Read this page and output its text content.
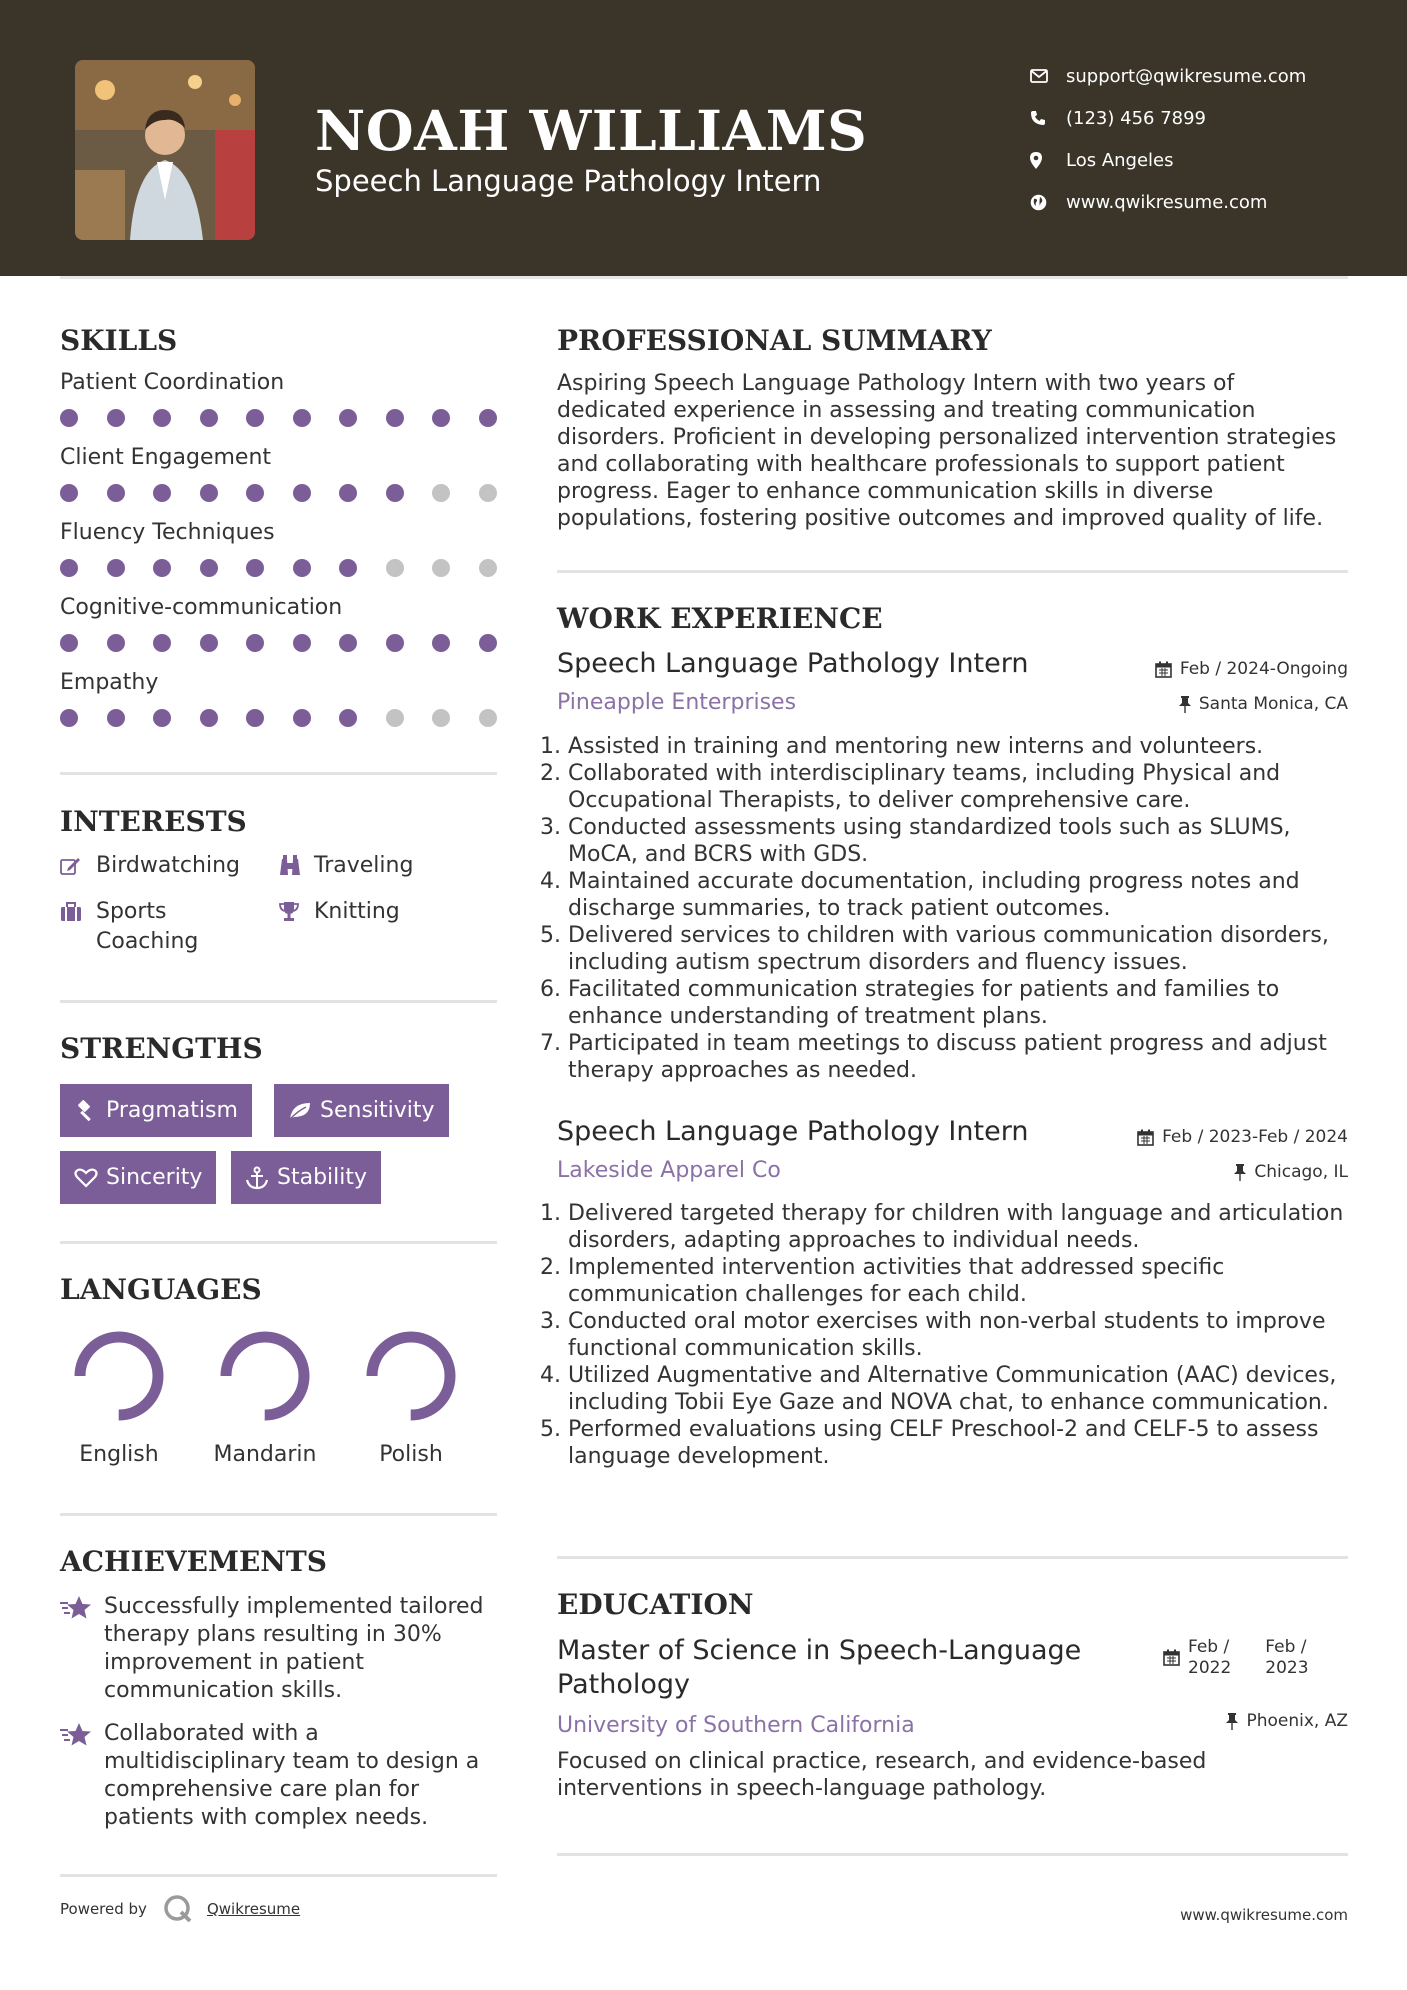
NOAH WILLIAMS
Speech Language Pathology Intern
support@qwikresume.com
(123) 456 7899
Los Angeles
www.qwikresume.com
SKILLS
Patient Coordination
Client Engagement
Fluency Techniques
Cognitive-communication
Empathy
INTERESTS
Birdwatching	Traveling
Sports Coaching
Knitting
STRENGTHS
Pragmatism	Sensitivity
Sincerity	Stability
LANGUAGES
English	Mandarin	Polish
ACHIEVEMENTS
Successfully implemented tailored therapy plans resulting in 30% improvement in patient communication skills.
Collaborated with a multidisciplinary team to design a comprehensive care plan for patients with complex needs.
PROFESSIONAL SUMMARY
Aspiring Speech Language Pathology Intern with two years of dedicated experience in assessing and treating communication disorders. Proficient in developing personalized intervention strategies and collaborating with healthcare professionals to support patient progress. Eager to enhance communication skills in diverse populations, fostering positive outcomes and improved quality of life.
WORK EXPERIENCE
Speech Language Pathology Intern	Feb / 2024-Ongoing
Pineapple Enterprises	Santa Monica, CA
1. Assisted in training and mentoring new interns and volunteers.
2. Collaborated with interdisciplinary teams, including Physical and Occupational Therapists, to deliver comprehensive care.
3. Conducted assessments using standardized tools such as SLUMS, MoCA, and BCRS with GDS.
4. Maintained accurate documentation, including progress notes and discharge summaries, to track patient outcomes.
5. Delivered services to children with various communication disorders, including autism spectrum disorders and fluency issues.
6. Facilitated communication strategies for patients and families to enhance understanding of treatment plans.
7. Participated in team meetings to discuss patient progress and adjust therapy approaches as needed.
Speech Language Pathology Intern	Feb / 2023-Feb / 2024
Lakeside Apparel Co	Chicago, IL
1. Delivered targeted therapy for children with language and articulation disorders, adapting approaches to individual needs.
2. Implemented intervention activities that addressed specific communication challenges for each child.
3. Conducted oral motor exercises with non-verbal students to improve functional communication skills.
4. Utilized Augmentative and Alternative Communication (AAC) devices, including Tobii Eye Gaze and NOVA chat, to enhance communication.
5. Performed evaluations using CELF Preschool-2 and CELF-5 to assess language development.
EDUCATION
Master of Science in Speech-Language Pathology
Feb /
2022
Feb /
2023
University of Southern California	Phoenix, AZ
Focused on clinical practice, research, and evidence-based interventions in speech-language pathology.
Powered by	Qwikresume	www.qwikresume.com
